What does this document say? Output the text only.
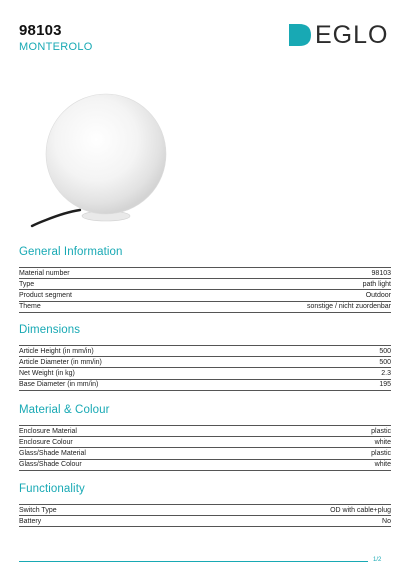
98103
MONTEROLO	EGLO
General Information
Material number	98103
Type	path light
Product segment	Outdoor
Theme	sonstige / nicht zuordenbar
Dimensions
Article Height (in mm/in)	500
Article Diameter (in mm/in)	500
Net Weight (in kg)	2.3
Base Diameter (in mm/in)	195
Material & Colour
Enclosure Material	plastic
Enclosure Colour	white
Glass/Shade Material	plastic
Glass/Shade Colour	white
Functionality
Switch Type	OD with cable+plug
Battery	No
1/2
